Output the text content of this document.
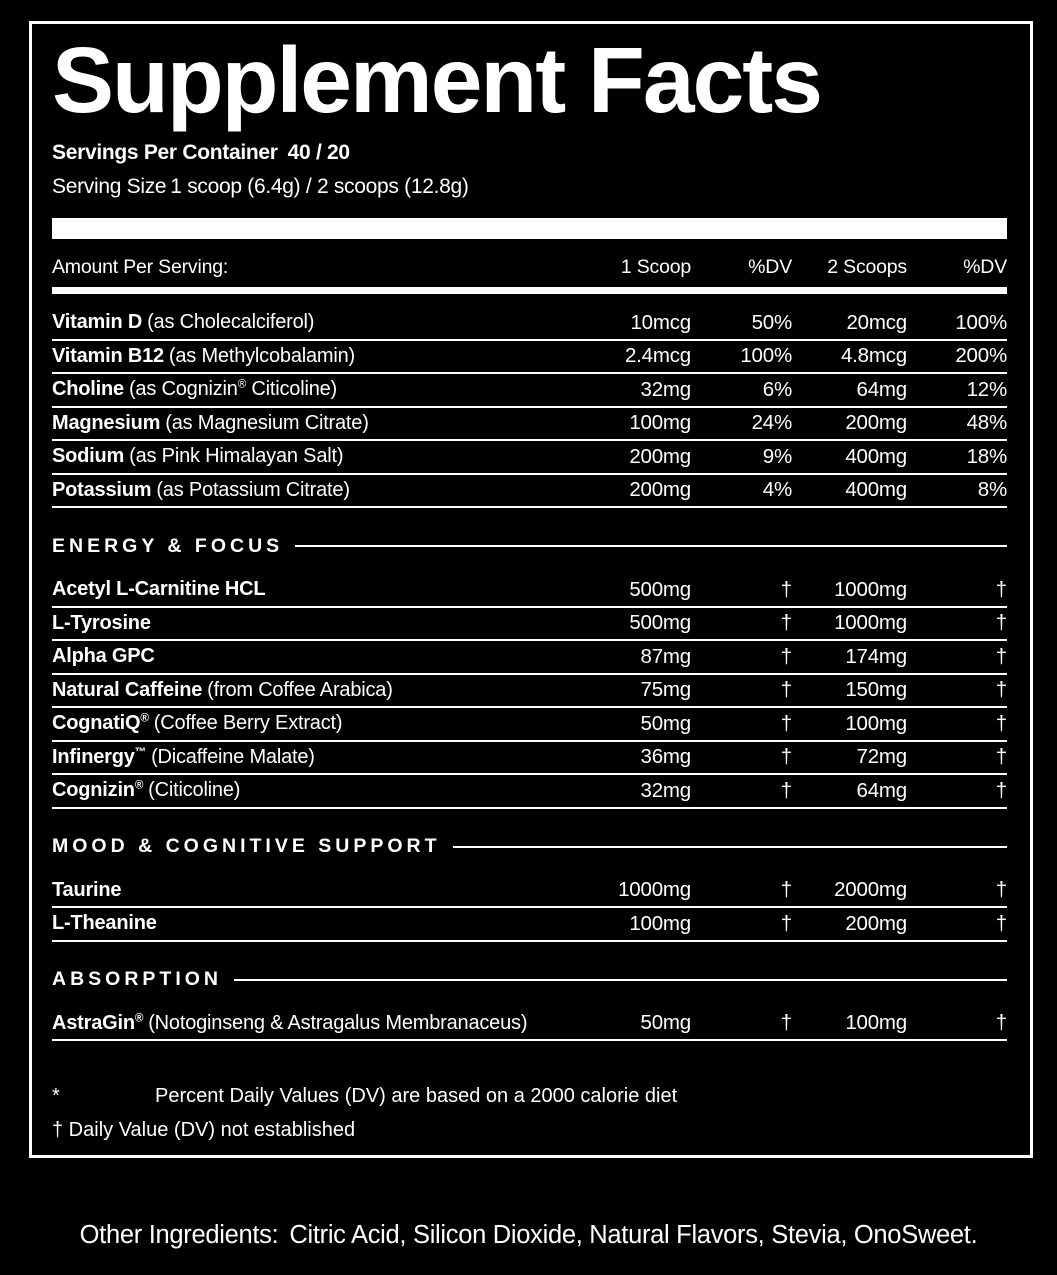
Supplement Facts
Servings Per Container 40 / 20
Serving Size 1 scoop (6.4g) / 2 scoops (12.8g)
Amount Per Serving:	1 Scoop	%DV	2 Scoops	%DV
Vitamin D (as Cholecalciferol)	10mcg	50%	20mcg	100%
Vitamin B12 (as Methylcobalamin)	2.4mcg	100%	4.8mcg	200%
Choline (as Cognizin® Citicoline)	32mg	6%	64mg	12%
Magnesium (as Magnesium Citrate)	100mg	24%	200mg	48%
Sodium (as Pink Himalayan Salt)	200mg	9%	400mg	18%
Potassium (as Potassium Citrate)	200mg	4%	400mg	8%
ENERGY & FOCUS
Acetyl L-Carnitine HCL	500mg	†	1000mg	†
L-Tyrosine	500mg	†	1000mg	†
Alpha GPC	87mg	†	174mg	†
Natural Caffeine (from Coffee Arabica)	75mg	†	150mg	†
CognatiQ® (Coffee Berry Extract)	50mg	†	100mg	†
Infinergy™ (Dicaffeine Malate)	36mg	†	72mg	†
Cognizin® (Citicoline)	32mg	†	64mg	†
MOOD & COGNITIVE SUPPORT
Taurine	1000mg	†	2000mg	†
L-Theanine	100mg	†	200mg	†
ABSORPTION
AstraGin® (Notoginseng & Astragalus Membranaceus)	50mg	†	100mg	†
*	Percent Daily Values (DV) are based on a 2000 calorie diet
† Daily Value (DV) not established
Other Ingredients: Citric Acid, Silicon Dioxide, Natural Flavors, Stevia, OnoSweet.
